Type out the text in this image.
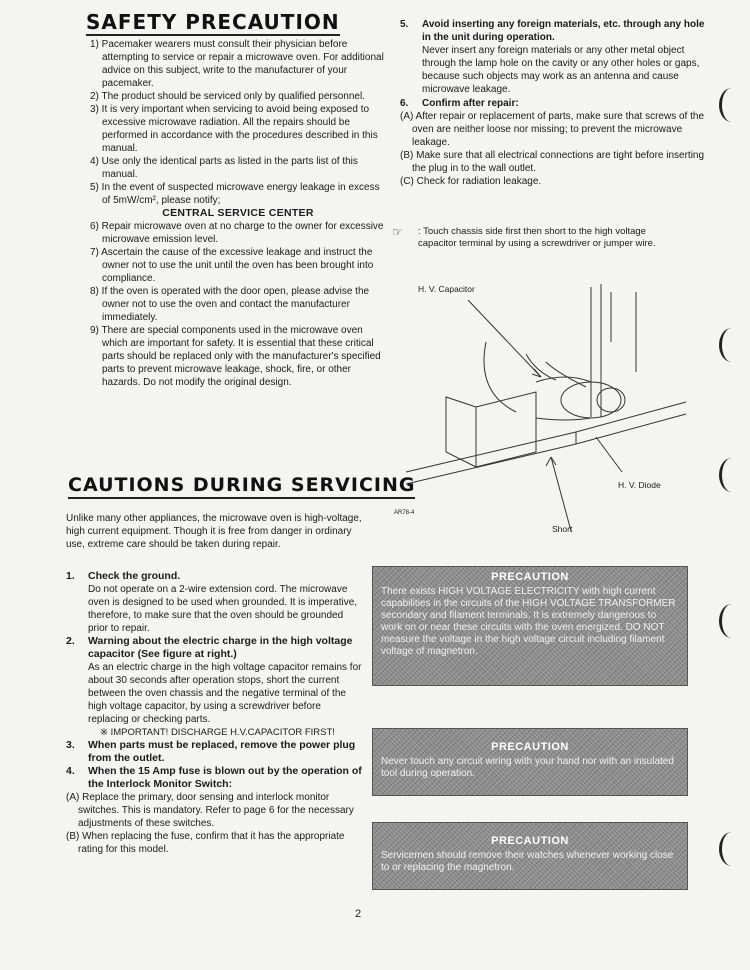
SAFETY PRECAUTION
1) Pacemaker wearers must consult their physician before attempting to service or repair a microwave oven. For additional advice on this subject, write to the manufacturer of your pacemaker.
2) The product should be serviced only by qualified personnel.
3) It is very important when servicing to avoid being exposed to excessive microwave radiation. All the repairs should be performed in accordance with the procedures described in this manual.
4) Use only the identical parts as listed in the parts list of this manual.
5) In the event of suspected microwave energy leakage in excess of 5mW/cm², please notify;
CENTRAL SERVICE CENTER
6) Repair microwave oven at no charge to the owner for excessive microwave emission level.
7) Ascertain the cause of the excessive leakage and instruct the owner not to use the unit until the oven has been brought into compliance.
8) If the oven is operated with the door open, please advise the owner not to use the oven and contact the manufacturer immediately.
9) There are special components used in the microwave oven which are important for safety. It is essential that these critical parts should be replaced only with the manufacturer's specified parts to prevent microwave leakage, shock, fire, or other hazards. Do not modify the original design.
5.	Avoid inserting any foreign materials, etc. through any hole in the unit during operation.
Never insert any foreign materials or any other metal object through the lamp hole on the cavity or any other holes or gaps, because such objects may work as an antenna and cause microwave leakage.
6.	Confirm after repair:
(A) After repair or replacement of parts, make sure that screws of the oven are neither loose nor missing; to prevent the microwave leakage.
(B) Make sure that all electrical connections are tight before inserting the plug in to the wall outlet.
(C) Check for radiation leakage.
☞	: Touch chassis side first then short to the high voltage capacitor terminal by using a screwdriver or jumper wire.
H. V. Capacitor
H. V. Diode
Short
AR78-4
CAUTIONS DURING SERVICING
Unlike many other appliances, the microwave oven is high-voltage, high current equipment. Though it is free from danger in ordinary use, extreme care should be taken during repair.
1.	Check the ground.
Do not operate on a 2-wire extension cord. The microwave oven is designed to be used when grounded. It is imperative, therefore, to make sure that the oven should be grounded prior to repair.
2.	Warning about the electric charge in the high voltage capacitor (See figure at right.)
As an electric charge in the high voltage capacitor remains for about 30 seconds after operation stops, short the current between the oven chassis and the negative terminal of the high voltage capacitor, by using a screwdriver before replacing or checking parts.
※ IMPORTANT! DISCHARGE H.V.CAPACITOR FIRST!
3.	When parts must be replaced, remove the power plug from the outlet.
4.	When the 15 Amp fuse is blown out by the operation of the Interlock Monitor Switch:
(A) Replace the primary, door sensing and interlock monitor switches. This is mandatory. Refer to page 6 for the necessary adjustments of these switches.
(B) When replacing the fuse, confirm that it has the appropriate rating for this model.
PRECAUTION
There exists HIGH VOLTAGE ELECTRICITY with high current capabilities in the circuits of the HIGH VOLTAGE TRANSFORMER secondary and filament terminals. It is extremely dangerous to work on or near these circuits with the oven energized. DO NOT measure the voltage in the high voltage circuit including filament voltage of magnetron.
PRECAUTION
Never touch any circuit wiring with your hand nor with an insulated tool during operation.
PRECAUTION
Servicemen should remove their watches whenever working close to or replacing the magnetron.
2
